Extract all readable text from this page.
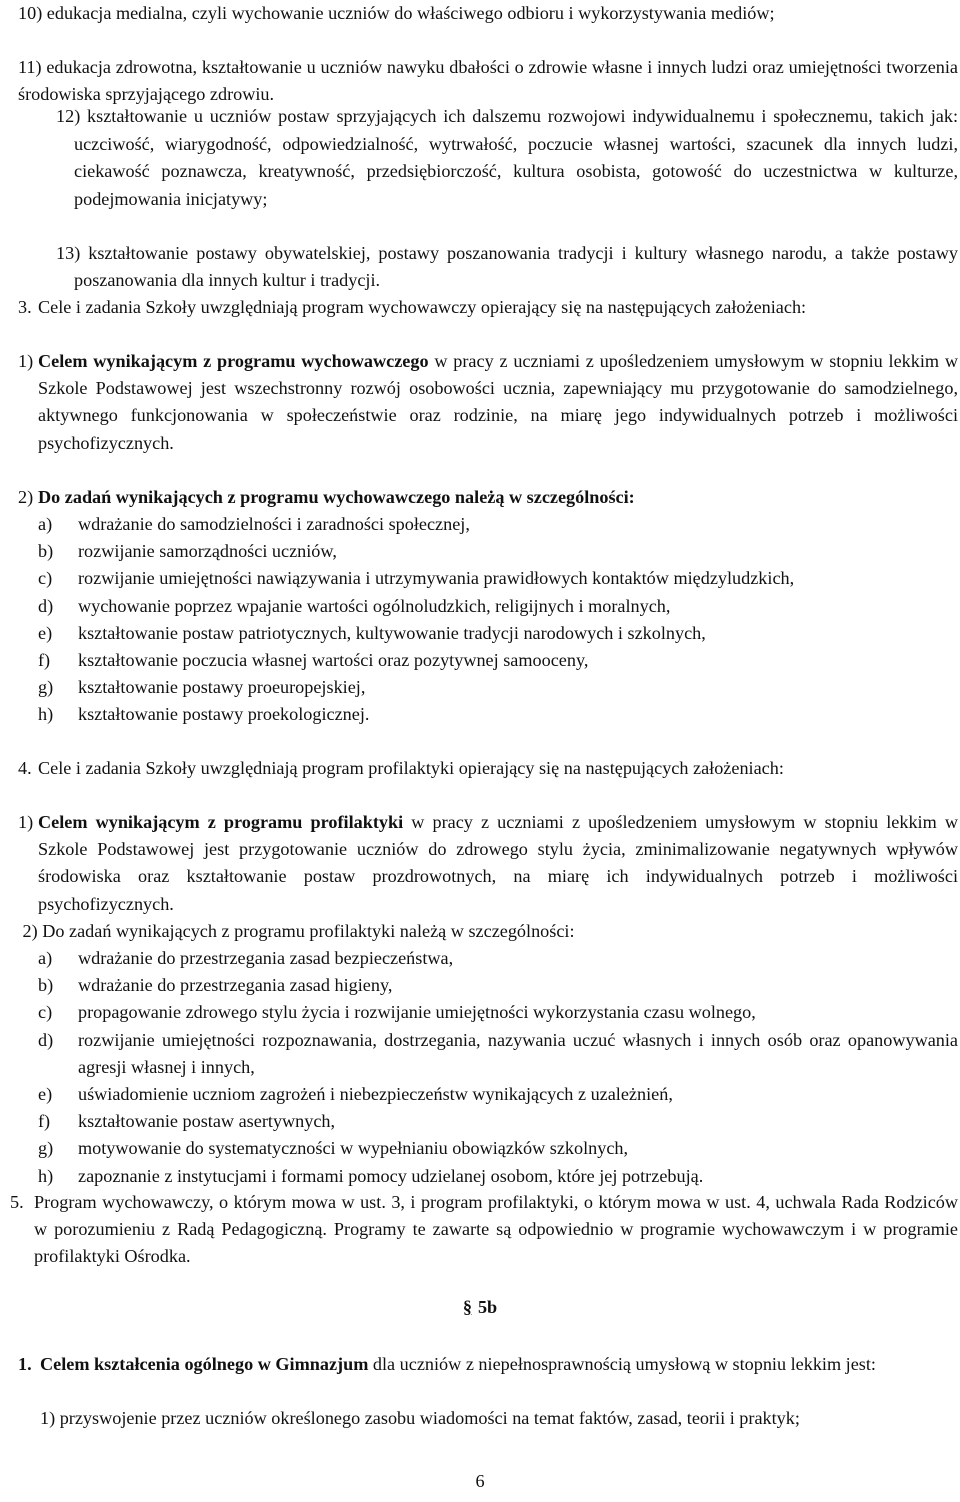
10) edukacja medialna, czyli wychowanie uczniów do właściwego odbioru i wykorzystywania mediów;

11) edukacja zdrowotna, kształtowanie u uczniów nawyku dbałości o zdrowie własne i innych ludzi oraz umiejętności tworzenia środowiska sprzyjającego zdrowiu.

12) kształtowanie u uczniów postaw sprzyjających ich dalszemu rozwojowi indywidualnemu i społecznemu, takich jak: uczciwość, wiarygodność, odpowiedzialność, wytrwałość, poczucie własnej wartości, szacunek dla innych ludzi, ciekawość poznawcza, kreatywność, przedsiębiorczość, kultura osobista, gotowość do uczestnictwa w kulturze, podejmowania inicjatywy;

13) kształtowanie postawy obywatelskiej, postawy poszanowania tradycji i kultury własnego narodu, a także postawy poszanowania dla innych kultur i tradycji.

3. Cele i zadania Szkoły uwzględniają program wychowawczy opierający się na następujących założeniach:
1) Celem wynikającym z programu wychowawczego w pracy z uczniami z upośledzeniem umysłowym w stopniu lekkim w Szkole Podstawowej jest wszechstronny rozwój osobowości ucznia, zapewniający mu przygotowanie do samodzielnego, aktywnego funkcjonowania w społeczeństwie oraz rodzinie, na miarę jego indywidualnych potrzeb i możliwości psychofizycznych.

2) Do zadań wynikających z programu wychowawczego należą w szczególności:
a)	wdrażanie do samodzielności i zaradności społecznej,
b)	rozwijanie samorządności uczniów,
c)	rozwijanie umiejętności nawiązywania i utrzymywania prawidłowych kontaktów międzyludzkich,
d)	wychowanie poprzez wpajanie wartości ogólnoludzkich, religijnych i moralnych,
e)	kształtowanie postaw patriotycznych, kultywowanie tradycji narodowych i szkolnych,
f)	kształtowanie poczucia własnej wartości oraz pozytywnej samooceny,
g)	kształtowanie postawy proeuropejskiej,
h)	kształtowanie postawy proekologicznej.
4. Cele i zadania Szkoły uwzględniają program profilaktyki opierający się na następujących założeniach:
1) Celem wynikającym z programu profilaktyki w pracy z uczniami z upośledzeniem umysłowym w stopniu lekkim w Szkole Podstawowej jest przygotowanie uczniów do zdrowego stylu życia, zminimalizowanie negatywnych wpływów środowiska oraz kształtowanie postaw prozdrowotnych, na miarę ich indywidualnych potrzeb i możliwości psychofizycznych.

2) Do zadań wynikających z programu profilaktyki należą w szczególności:

a)	wdrażanie do przestrzegania zasad bezpieczeństwa,
b)	wdrażanie do przestrzegania zasad higieny,
c)	propagowanie zdrowego stylu życia i rozwijanie umiejętności wykorzystania czasu wolnego,
d)	rozwijanie umiejętności rozpoznawania, dostrzegania, nazywania uczuć własnych i innych osób oraz opanowywania agresji własnej i innych,
e)	uświadomienie uczniom zagrożeń i niebezpieczeństw wynikających z uzależnień,
f)	kształtowanie postaw asertywnych,
g)	motywowanie do systematyczności w wypełnianiu obowiązków szkolnych,
h)	zapoznanie z instytucjami i formami pomocy udzielanej osobom, które jej potrzebują.
5. Program wychowawczy, o którym mowa w ust. 3, i program profilaktyki, o którym mowa w ust. 4, uchwala Rada Rodziców w porozumieniu z Radą Pedagogiczną. Programy te zawarte są odpowiednio w programie wychowawczym i w programie profilaktyki Ośrodka.
§ 5b
1. Celem kształcenia ogólnego w Gimnazjum dla uczniów z niepełnosprawnością umysłową w stopniu lekkim jest:

1) przyswojenie przez uczniów określonego zasobu wiadomości na temat faktów, zasad, teorii i praktyk;

6
